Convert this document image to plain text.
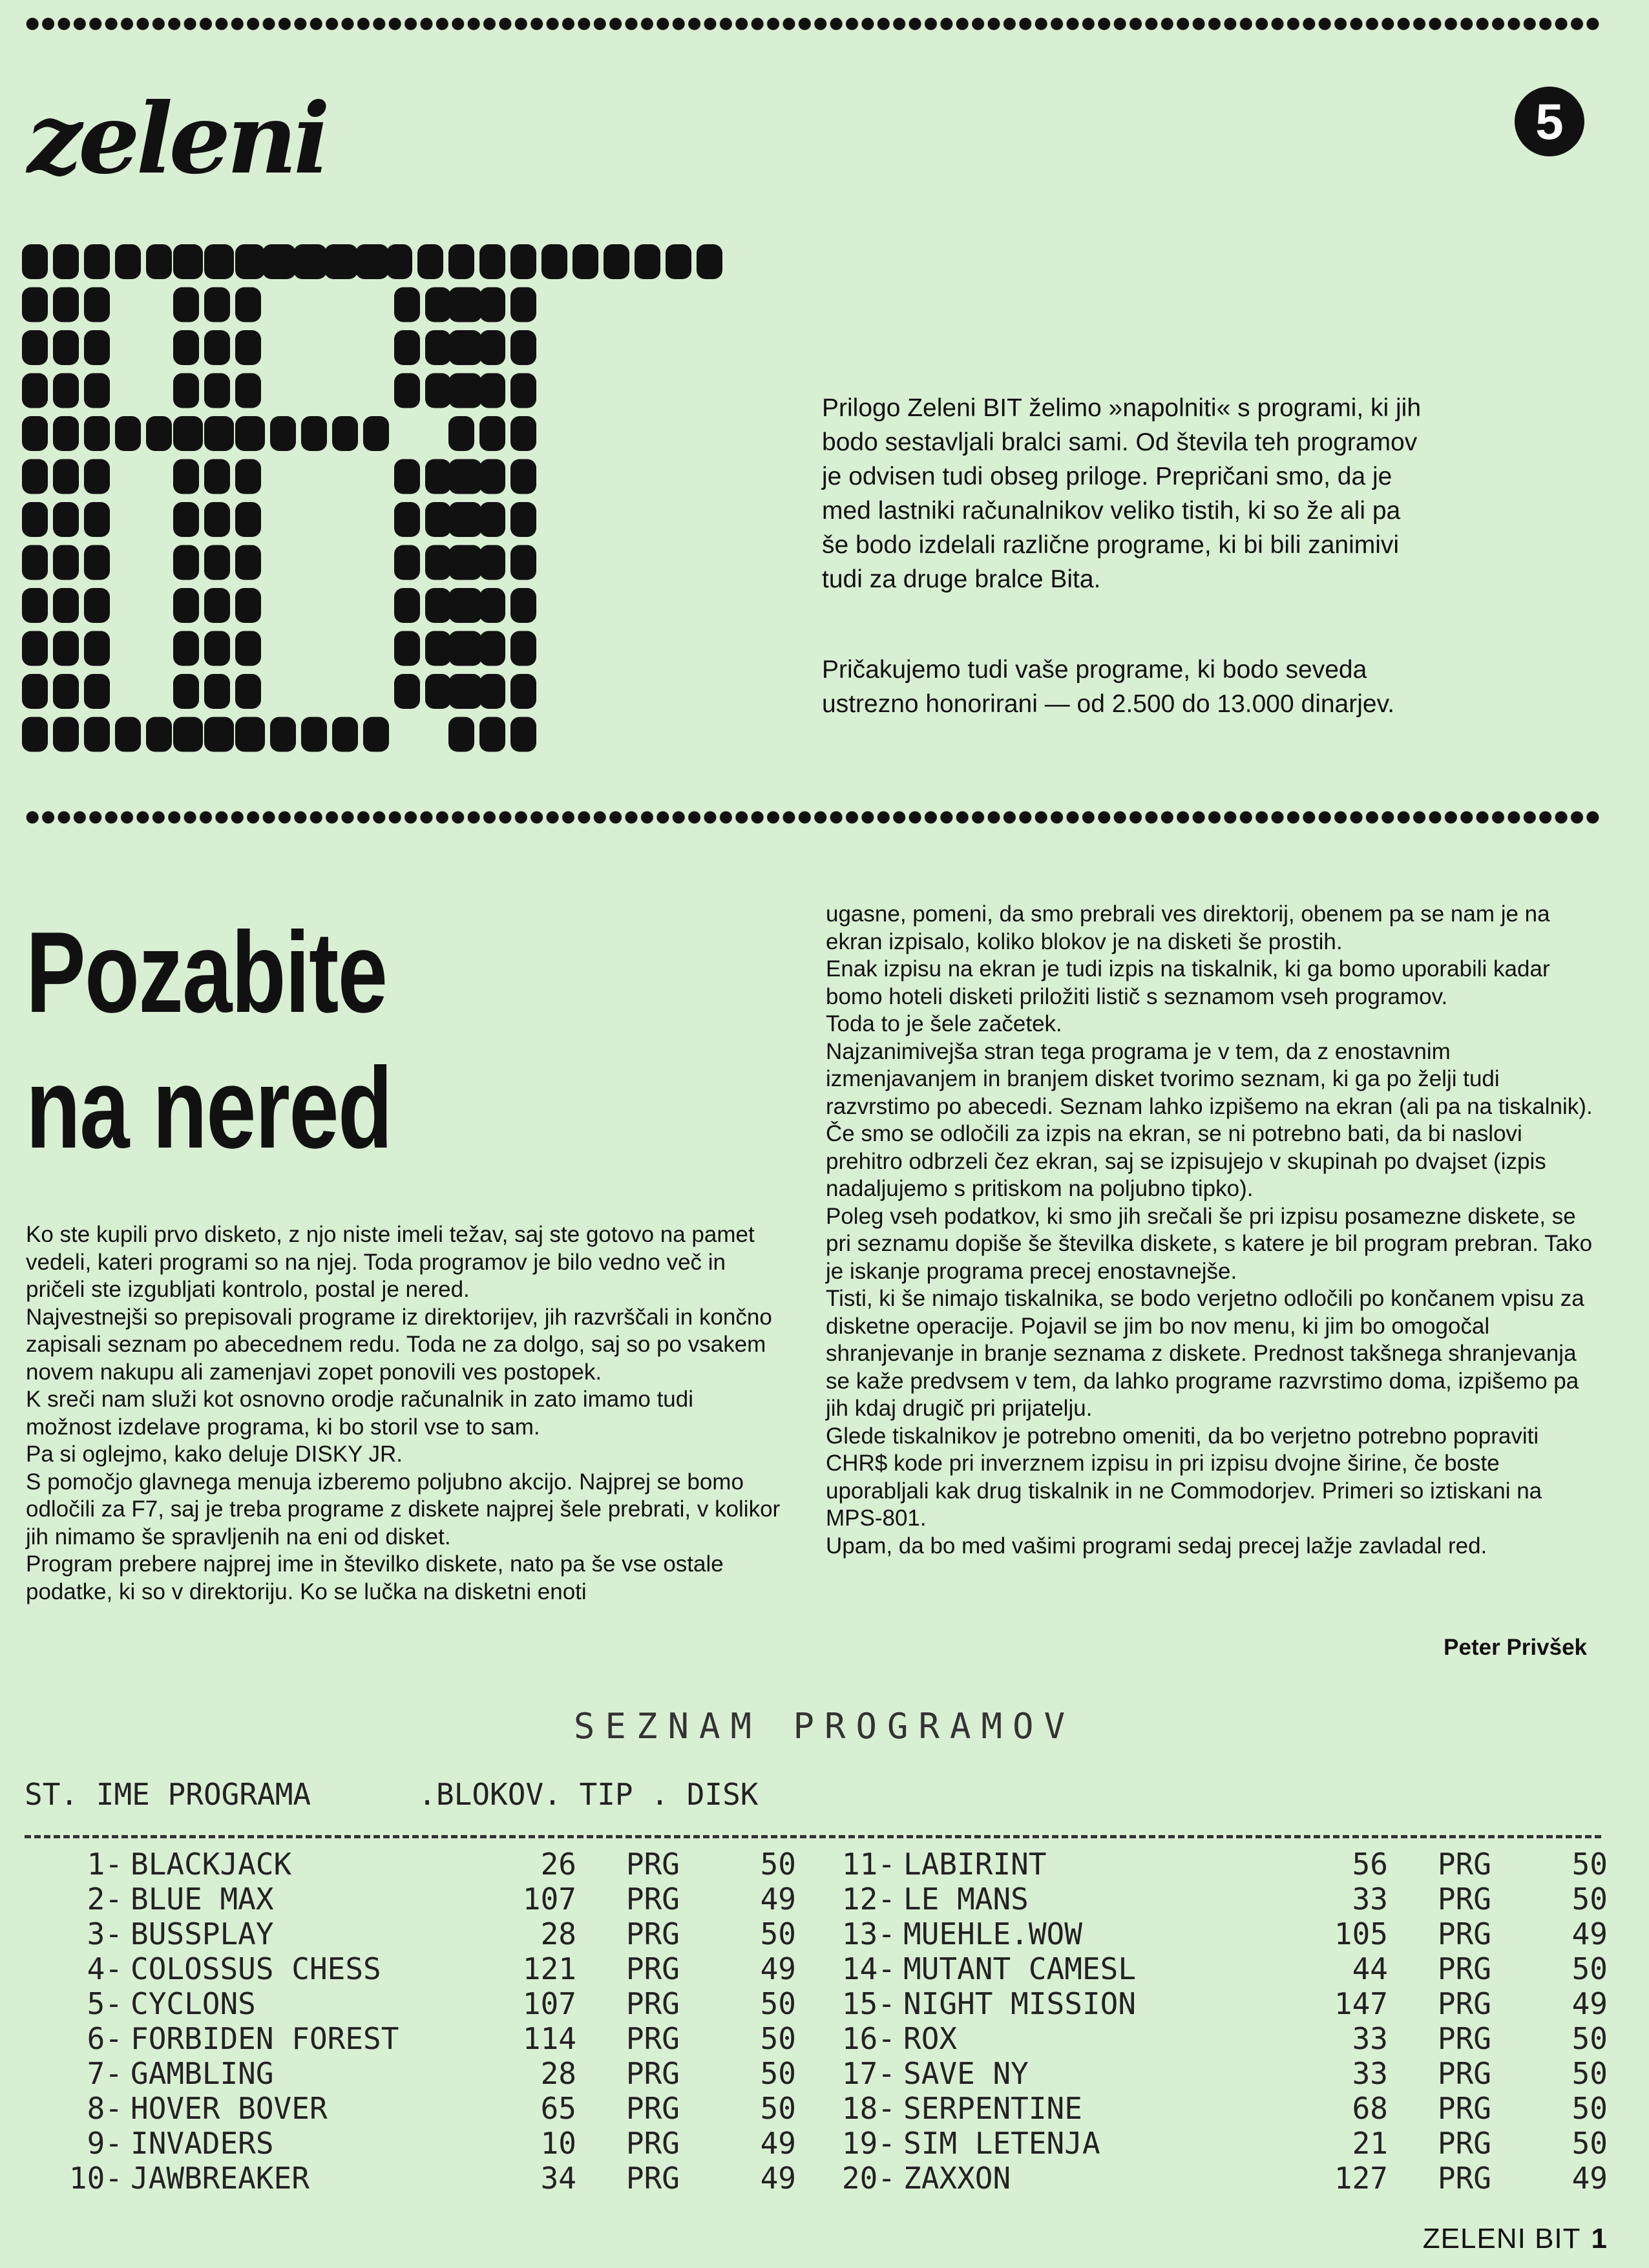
zeleni	5
Prilogo Zeleni BIT želimo »napolniti« s programi, ki jih bodo sestavljali bralci sami. Od števila teh programov je odvisen tudi obseg priloge. Prepričani smo, da je med lastniki računalnikov veliko tistih, ki so že ali pa še bodo izdelali različne programe, ki bi bili zanimivi tudi za druge bralce Bita.
Pričakujemo tudi vaše programe, ki bodo seveda ustrezno honorirani — od 2.500 do 13.000 dinarjev.
Pozabite
na nered

Ko ste kupili prvo disketo, z njo niste imeli težav, saj ste gotovo na pamet vedeli, kateri programi so na njej. Toda programov je bilo vedno več in pričeli ste izgubljati kontrolo, postal je nered.

Najvestnejši so prepisovali programe iz direktorijev, jih razvrščali in končno zapisali seznam po abecednem redu. Toda ne za dolgo, saj so po vsakem novem nakupu ali zamenjavi zopet ponovili ves postopek.

K sreči nam služi kot osnovno orodje računalnik in zato imamo tudi možnost izdelave programa, ki bo storil vse to sam.

Pa si oglejmo, kako deluje DISKY JR.

S pomočjo glavnega menuja izberemo poljubno akcijo. Najprej se bomo odločili za F7, saj je treba programe z diskete najprej šele prebrati, v kolikor jih nimamo še spravljenih na eni od disket.

Program prebere najprej ime in številko diskete, nato pa še vse ostale podatke, ki so v direktoriju. Ko se lučka na disketni enoti

ugasne, pomeni, da smo prebrali ves direktorij, obenem pa se nam je na ekran izpisalo, koliko blokov je na disketi še prostih.

Enak izpisu na ekran je tudi izpis na tiskalnik, ki ga bomo uporabili kadar bomo hoteli disketi priložiti listič s seznamom vseh programov.

Toda to je šele začetek.

Najzanimivejša stran tega programa je v tem, da z enostavnim izmenjavanjem in branjem disket tvorimo seznam, ki ga po želji tudi razvrstimo po abecedi. Seznam lahko izpišemo na ekran (ali pa na tiskalnik). Če smo se odločili za izpis na ekran, se ni potrebno bati, da bi naslovi prehitro odbrzeli čez ekran, saj se izpisujejo v skupinah po dvajset (izpis nadaljujemo s pritiskom na poljubno tipko).

Poleg vseh podatkov, ki smo jih srečali še pri izpisu posamezne diskete, se pri seznamu dopiše še številka diskete, s katere je bil program prebran. Tako je iskanje programa precej enostavnejše.

Tisti, ki še nimajo tiskalnika, se bodo verjetno odločili po končanem vpisu za disketne operacije. Pojavil se jim bo nov menu, ki jim bo omogočal shranjevanje in branje seznama z diskete. Prednost takšnega shranjevanja se kaže predvsem v tem, da lahko programe razvrstimo doma, izpišemo pa jih kdaj drugič pri prijatelju.

Glede tiskalnikov je potrebno omeniti, da bo verjetno potrebno popraviti CHR$ kode pri inverznem izpisu in pri izpisu dvojne širine, če boste uporabljali kak drug tiskalnik in ne Commodorjev. Primeri so iztiskani na MPS-801.

Upam, da bo med vašimi programi sedaj precej lažje zavladal red.

Peter Privšek
SEZNAM PROGRAMOV
ST. IME PROGRAMA      .BLOKOV. TIP . DISK
1-	BLACKJACK	26	PRG	50
2-	BLUE MAX	107	PRG	49
3-	BUSSPLAY	28	PRG	50
4-	COLOSSUS CHESS	121	PRG	49
5-	CYCLONS	107	PRG	50
6-	FORBIDEN FOREST	114	PRG	50
7-	GAMBLING	28	PRG	50
8-	HOVER BOVER	65	PRG	50
9-	INVADERS	10	PRG	49
10-	JAWBREAKER	34	PRG	49
11-	LABIRINT	56	PRG	50
12-	LE MANS	33	PRG	50
13-	MUEHLE.WOW	105	PRG	49
14-	MUTANT CAMESL	44	PRG	50
15-	NIGHT MISSION	147	PRG	49
16-	ROX	33	PRG	50
17-	SAVE NY	33	PRG	50
18-	SERPENTINE	68	PRG	50
19-	SIM LETENJA	21	PRG	50
20-	ZAXXON	127	PRG	49
ZELENI BIT 1
